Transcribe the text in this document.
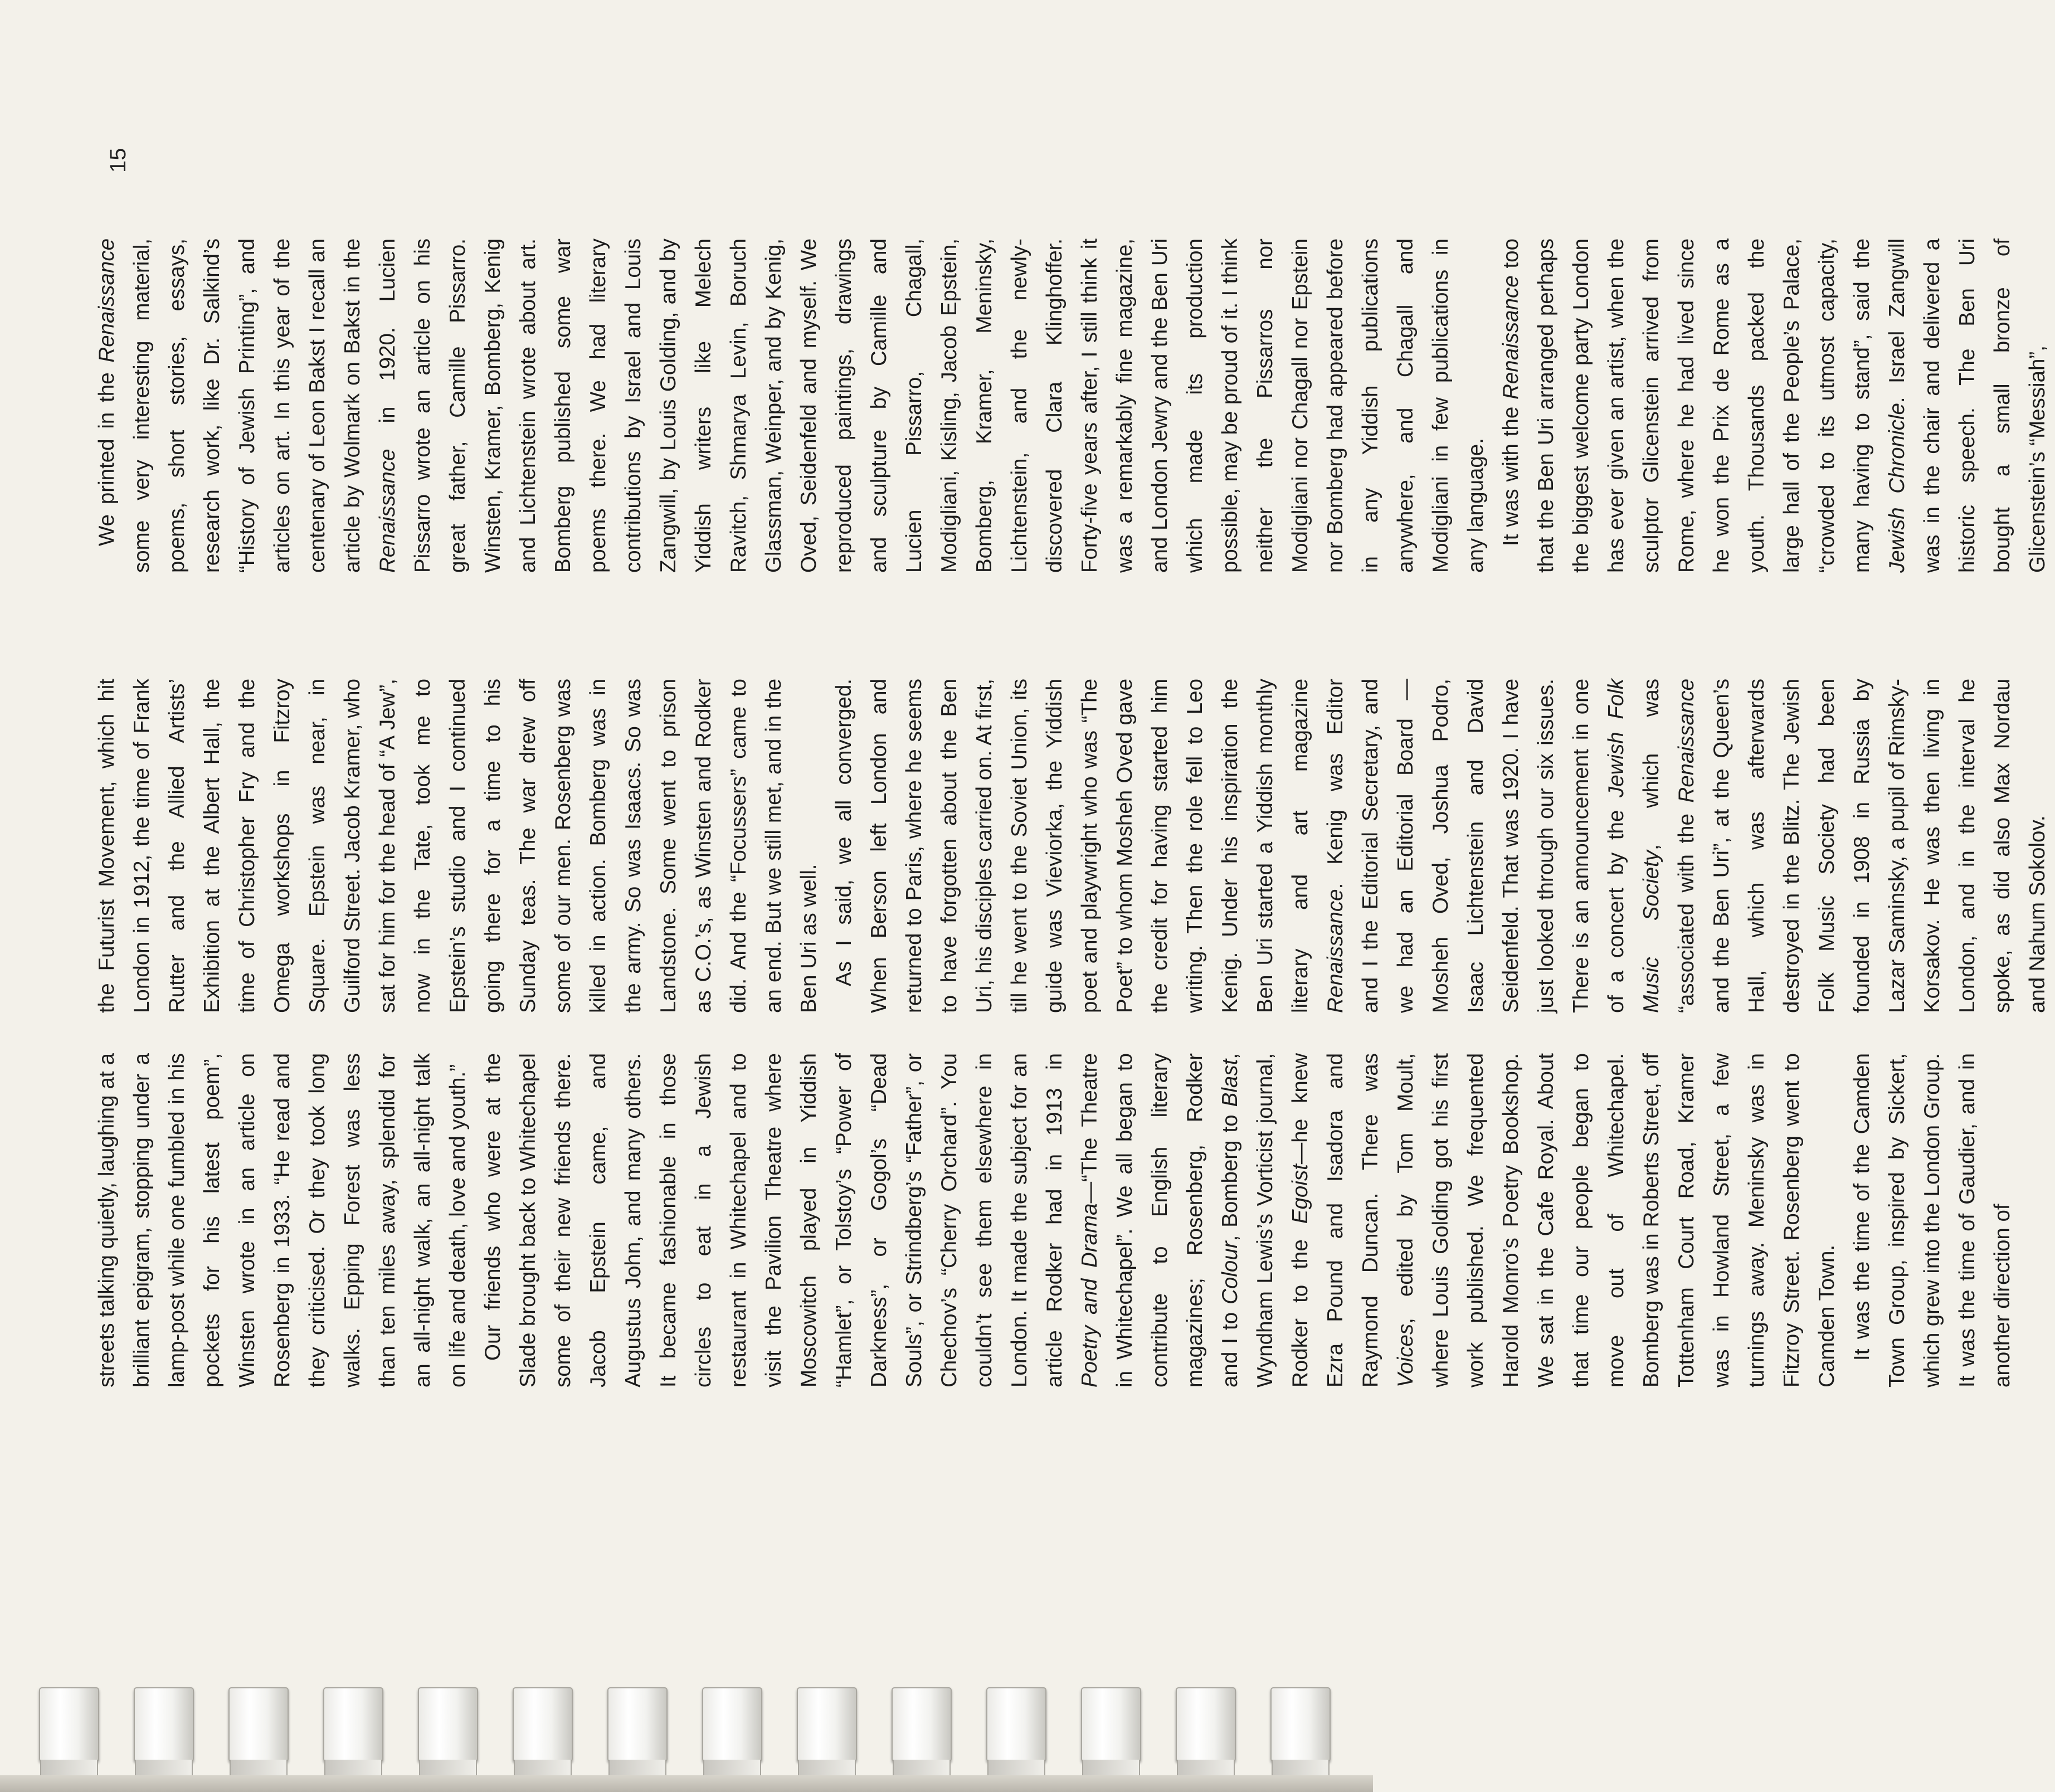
streets talking quietly, laughing at a brilliant epigram, stopping under a lamp-post while one fumbled in his pockets for his latest poem”, Winsten wrote in an article on Rosenberg in 1933. “He read and they criticised. Or they took long walks. Epping Forest was less than ten miles away, splendid for an all-night walk, an all-night talk on life and death, love and youth.” Our friends who were at the Slade brought back to Whitechapel some of their new friends there. Jacob Epstein came, and Augustus John, and many others. It became fashionable in those circles to eat in a Jewish restaurant in Whitechapel and to visit the Pavilion Theatre where Moscowitch played in Yiddish “Hamlet”, or Tolstoy’s “Power of Darkness”, or Gogol’s “Dead Souls”, or Strindberg’s “Father”, or Chechov’s “Cherry Orchard”. You couldn’t see them elsewhere in London. It made the subject for an article Rodker had in 1913 in Poetry and Drama—“The Theatre in Whitechapel”. We all began to contribute to English literary magazines; Rosenberg, Rodker and I to Colour, Bomberg to Blast, Wyndham Lewis’s Vorticist journal, Rodker to the Egoist—he knew Ezra Pound and Isadora and Raymond Duncan. There was Voices, edited by Tom Moult, where Louis Golding got his first work published. We frequented Harold Monro’s Poetry Bookshop. We sat in the Cafe Royal. About that time our people began to move out of Whitechapel. Bomberg was in Roberts Street, off Tottenham Court Road, Kramer was in Howland Street, a few turnings away. Meninsky was in Fitzroy Street. Rosenberg went to Camden Town. It was the time of the Camden Town Group, inspired by Sickert, which grew into the London Group. It was the time of Gaudier, and in another direction of

the Futurist Movement, which hit London in 1912, the time of Frank Rutter and the Allied Artists’ Exhibition at the Albert Hall, the time of Christopher Fry and the Omega workshops in Fitzroy Square. Epstein was near, in Guilford Street. Jacob Kramer, who sat for him for the head of “A Jew”, now in the Tate, took me to Epstein’s studio and I continued going there for a time to his Sunday teas. The war drew off some of our men. Rosenberg was killed in action. Bomberg was in the army. So was Isaacs. So was Landstone. Some went to prison as C.O.’s, as Winsten and Rodker did. And the “Focussers” came to an end. But we still met, and in the Ben Uri as well. As I said, we all converged. When Berson left London and returned to Paris, where he seems to have forgotten about the Ben Uri, his disciples carried on. At first, till he went to the Soviet Union, its guide was Vieviorka, the Yiddish poet and playwright who was “The Poet” to whom Mosheh Oved gave the credit for having started him writing. Then the role fell to Leo Kenig. Under his inspiration the Ben Uri started a Yiddish monthly literary and art magazine Renaissance. Kenig was Editor and I the Editorial Secretary, and we had an Editorial Board —Mosheh Oved, Joshua Podro, Isaac Lichtenstein and David Seidenfeld. That was 1920. I have just looked through our six issues. There is an announcement in one of a concert by the Jewish Folk Music Society, which was “associated with the Renaissance and the Ben Uri”, at the Queen’s Hall, which was afterwards destroyed in the Blitz. The Jewish Folk Music Society had been founded in 1908 in Russia by Lazar Saminsky, a pupil of Rimsky-Korsakov. He was then living in London, and in the interval he spoke, as did also Max Nordau and Nahum Sokolov.

We printed in the Renaissance some very interesting material, poems, short stories, essays, research work, like Dr. Salkind’s “History of Jewish Printing”, and articles on art. In this year of the centenary of Leon Bakst I recall an article by Wolmark on Bakst in the Renaissance in 1920. Lucien Pissarro wrote an article on his great father, Camille Pissarro. Winsten, Kramer, Bomberg, Kenig and Lichtenstein wrote about art. Bomberg published some war poems there. We had literary contributions by Israel and Louis Zangwill, by Louis Golding, and by Yiddish writers like Melech Ravitch, Shmarya Levin, Boruch Glassman, Weinper, and by Kenig, Oved, Seidenfeld and myself. We reproduced paintings, drawings and sculpture by Camille and Lucien Pissarro, Chagall, Modigliani, Kisling, Jacob Epstein, Bomberg, Kramer, Meninsky, Lichtenstein, and the newly-discovered Clara Klinghoffer. Forty-five years after, I still think it was a remarkably fine magazine, and London Jewry and the Ben Uri which made its production possible, may be proud of it. I think neither the Pissarros nor Modigliani nor Chagall nor Epstein nor Bomberg had appeared before in any Yiddish publications anywhere, and Chagall and Modigliani in few publications in any language. It was with the Renaissance too that the Ben Uri arranged perhaps the biggest welcome party London has ever given an artist, when the sculptor Glicenstein arrived from Rome, where he had lived since he won the Prix de Rome as a youth. Thousands packed the large hall of the People’s Palace, “crowded to its utmost capacity, many having to stand”, said the Jewish Chronicle. Israel Zangwill was in the chair and delivered a historic speech. The Ben Uri bought a small bronze of Glicenstein’s “Messiah”,

15
